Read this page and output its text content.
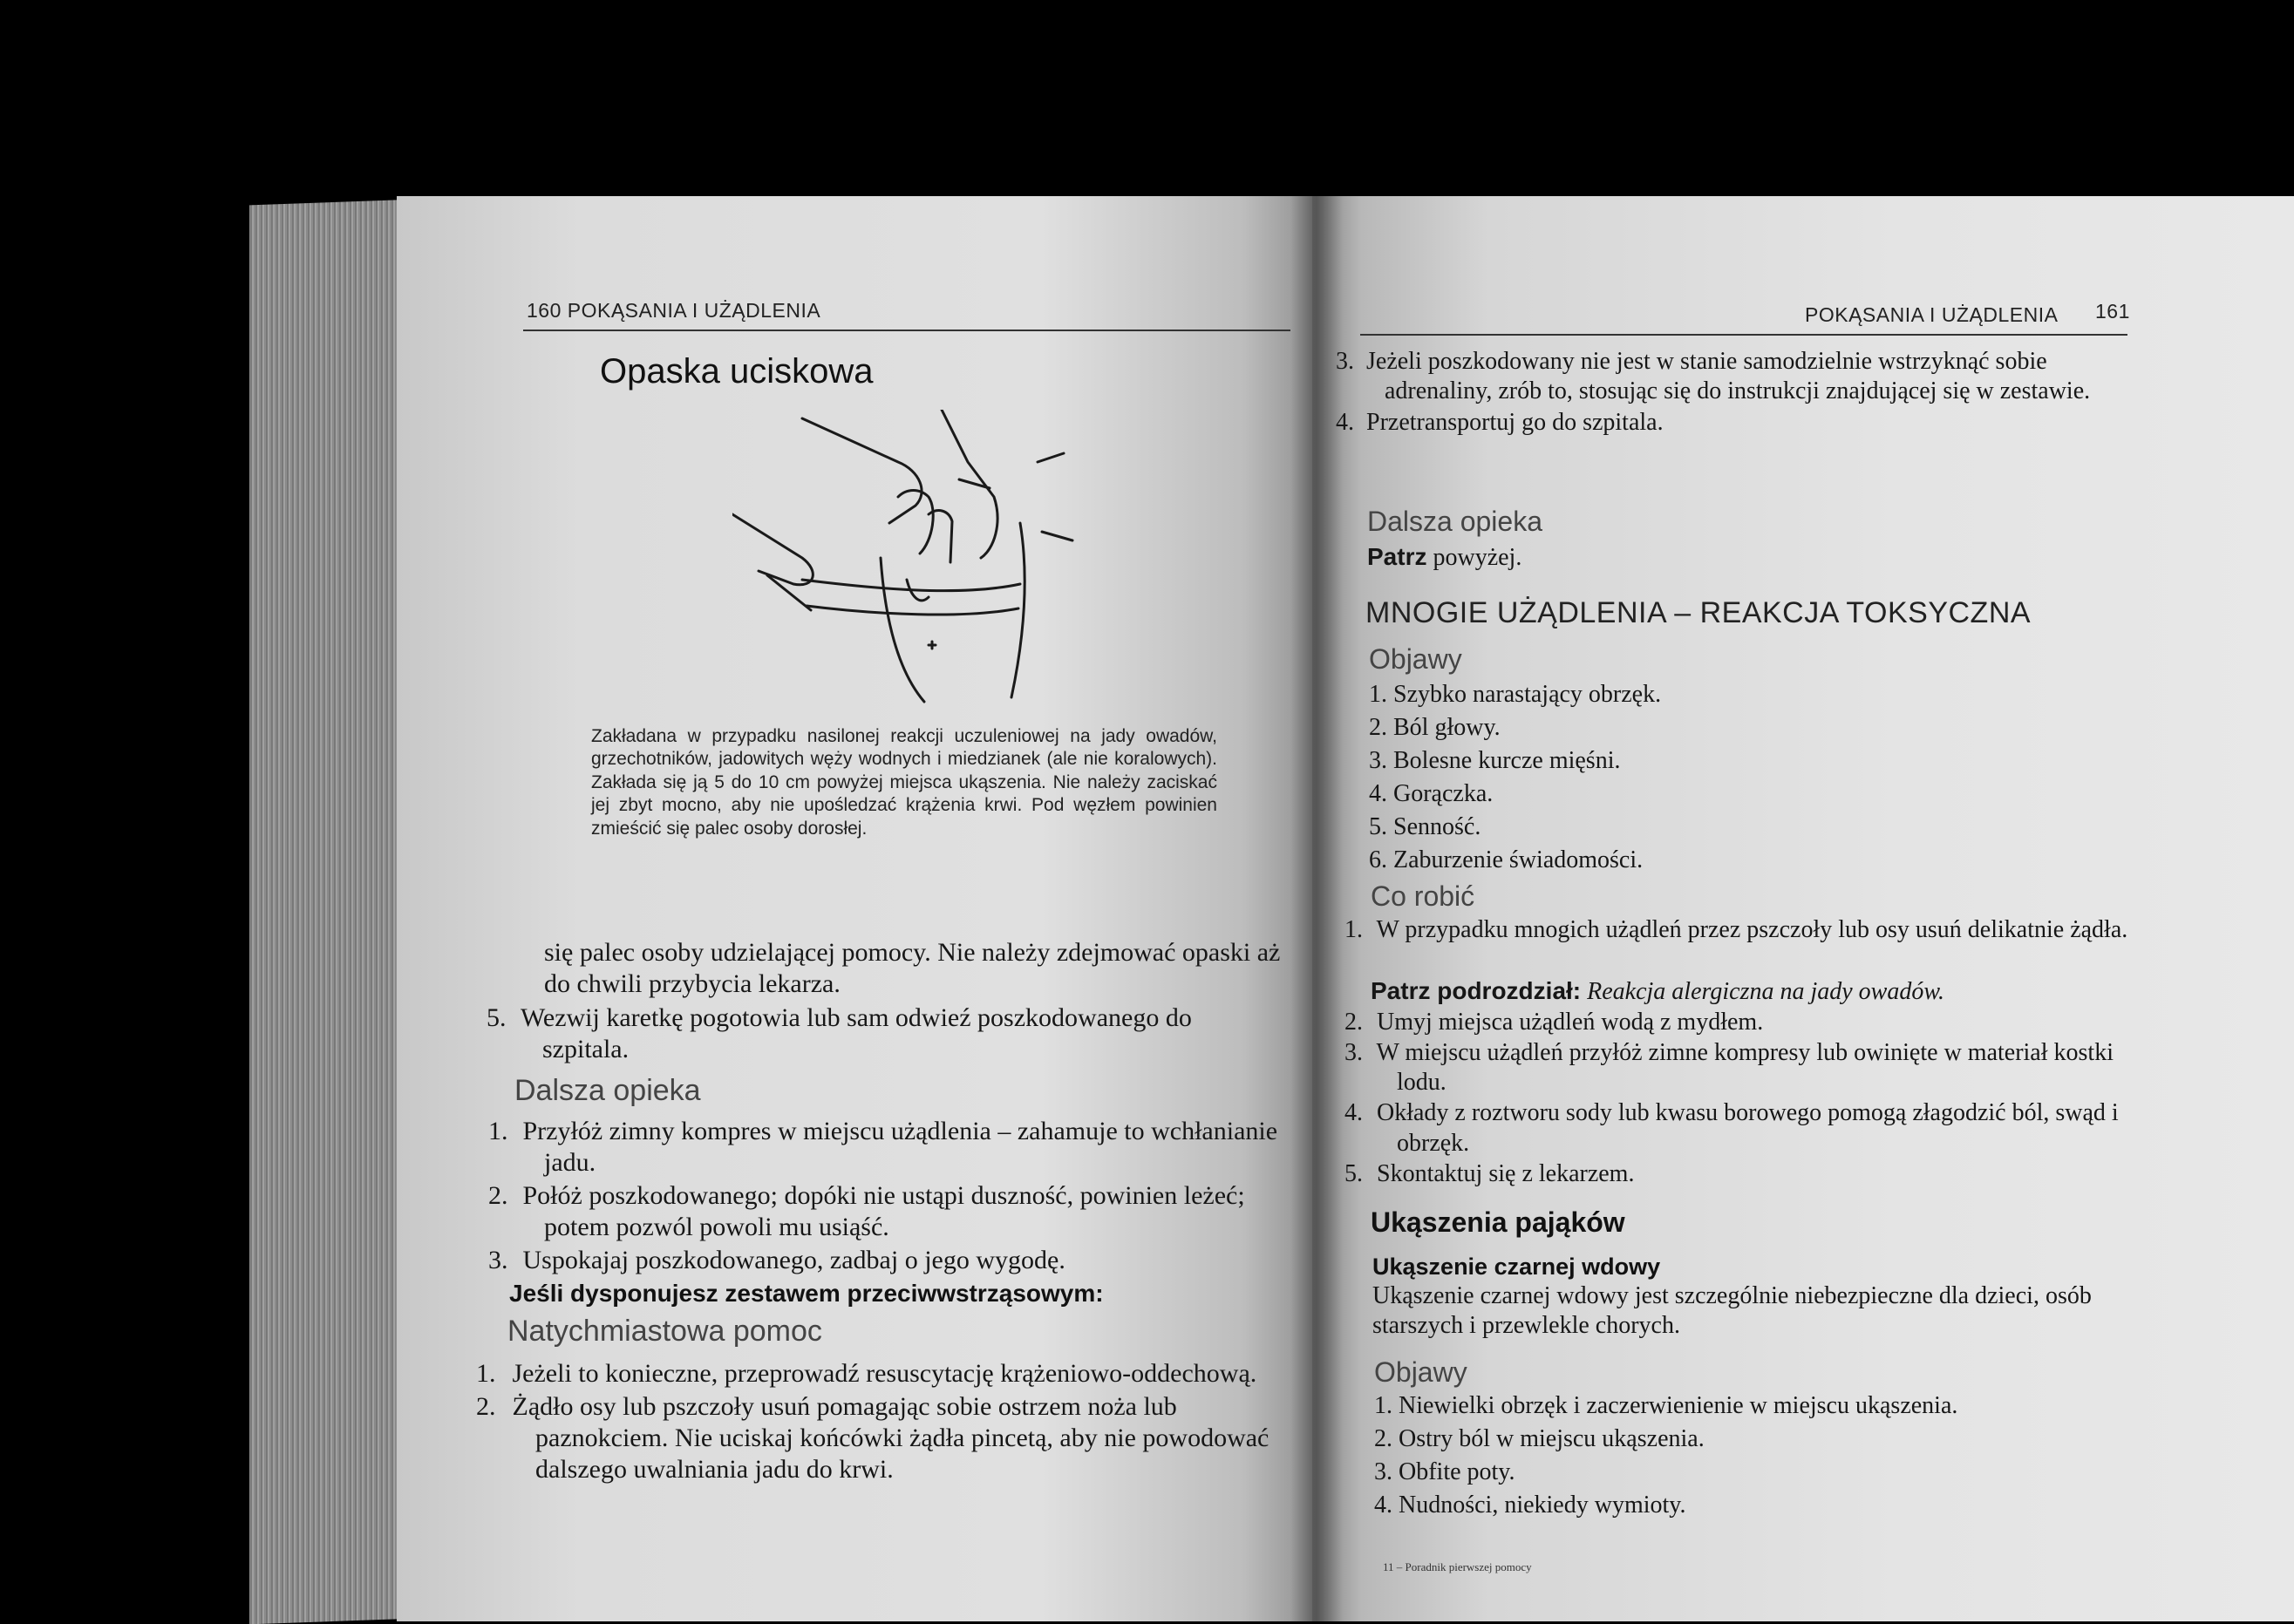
160 POKĄSANIA I UŻĄDLENIA
Opaska uciskowa
Zakładana w przypadku nasilonej reakcji uczuleniowej na jady owadów, grzechotników, jadowitych węży wodnych i miedzianek (ale nie koralowych). Zakłada się ją 5 do 10 cm powyżej miejsca ukąszenia. Nie należy zaciskać jej zbyt mocno, aby nie upośledzać krążenia krwi. Pod węzłem powinien zmieścić się palec osoby dorosłej.
się palec osoby udzielającej pomocy. Nie należy zdejmować opaski aż do chwili przybycia lekarza.
Wezwij karetkę pogotowia lub sam odwieź poszkodowanego do szpitala.
Dalsza opieka
Przyłóż zimny kompres w miejscu użądlenia – zahamuje to wchłanianie jadu.
Połóż poszkodowanego; dopóki nie ustąpi duszność, powinien leżeć; potem pozwól powoli mu usiąść.
Uspokajaj poszkodowanego, zadbaj o jego wygodę.
Jeśli dysponujesz zestawem przeciwwstrząsowym:
Natychmiastowa pomoc
Jeżeli to konieczne, przeprowadź resuscytację krążeniowo-oddechową.
Żądło osy lub pszczoły usuń pomagając sobie ostrzem noża lub paznokciem. Nie uciskaj końcówki żądła pincetą, aby nie powodować dalszego uwalniania jadu do krwi.
POKĄSANIA I UŻĄDLENIA 161
Jeżeli poszkodowany nie jest w stanie samodzielnie wstrzyknąć sobie adrenaliny, zrób to, stosując się do instrukcji znajdującej się w zestawie.
Przetransportuj go do szpitala.
Dalsza opieka
Patrz powyżej.
MNOGIE UŻĄDLENIA – REAKCJA TOKSYCZNA
Objawy
1. Szybko narastający obrzęk.
2. Ból głowy.
3. Bolesne kurcze mięśni.
4. Gorączka.
5. Senność.
6. Zaburzenie świadomości.
Co robić
W przypadku mnogich użądleń przez pszczoły lub osy usuń delikatnie żądła.
Patrz podrozdział: Reakcja alergiczna na jady owadów.
Umyj miejsca użądleń wodą z mydłem.
W miejscu użądleń przyłóż zimne kompresy lub owinięte w materiał kostki lodu.
Okłady z roztworu sody lub kwasu borowego pomogą złagodzić ból, swąd i obrzęk.
Skontaktuj się z lekarzem.
Ukąszenia pająków
Ukąszenie czarnej wdowy
Ukąszenie czarnej wdowy jest szczególnie niebezpieczne dla dzieci, osób starszych i przewlekle chorych.
Objawy
1. Niewielki obrzęk i zaczerwienienie w miejscu ukąszenia.
2. Ostry ból w miejscu ukąszenia.
3. Obfite poty.
4. Nudności, niekiedy wymioty.
11 – Poradnik pierwszej pomocy
